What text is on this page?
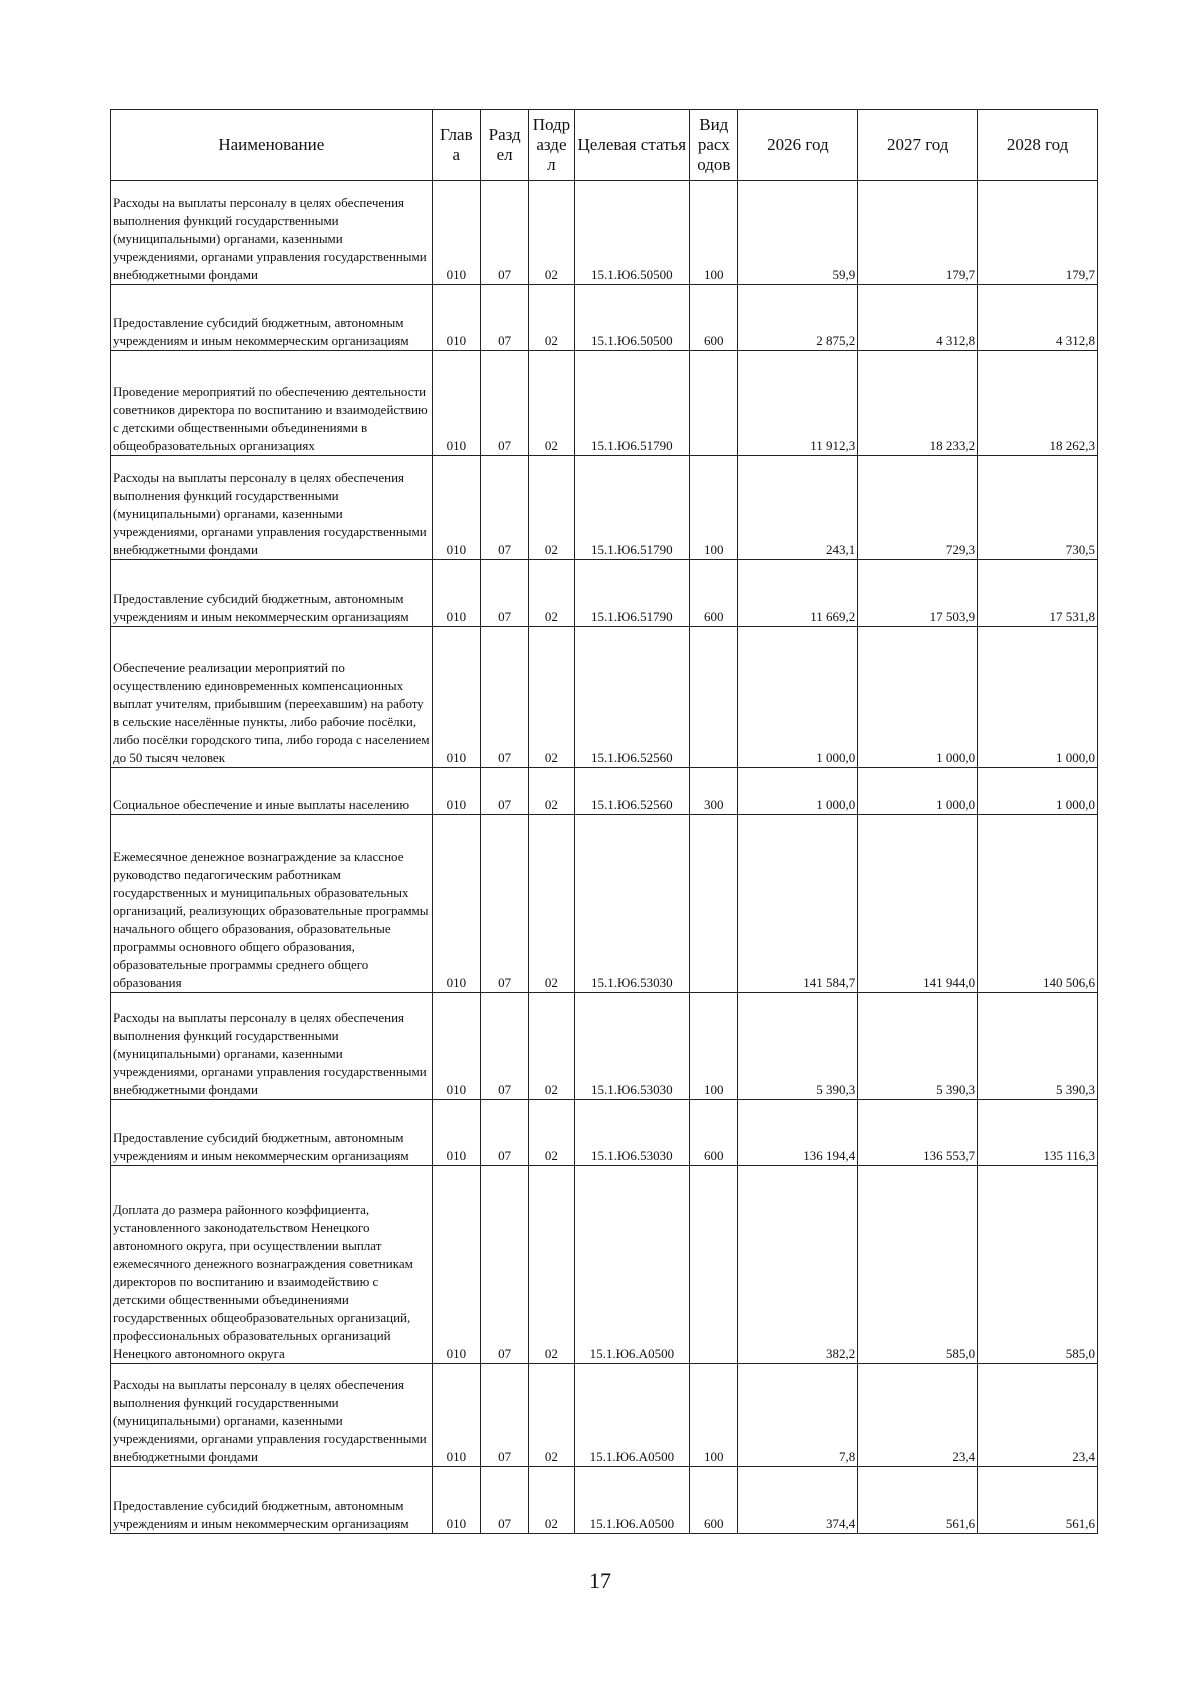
Наименование	Глав а	Разд ел	Подр азде л	Целевая статья	Вид расх одов	2026 год	2027 год	2028 год
Расходы на выплаты персоналу в целях обеспечения выполнения функций государственными (муниципальными) органами, казенными учреждениями, органами управления государственными внебюджетными фондами	010	07	02	15.1.Ю6.50500	100	59,9	179,7	179,7
Предоставление субсидий бюджетным, автономным учреждениям и иным некоммерческим организациям	010	07	02	15.1.Ю6.50500	600	2 875,2	4 312,8	4 312,8
Проведение мероприятий по обеспечению деятельности советников директора по воспитанию и взаимодействию с детскими общественными объединениями в общеобразовательных организациях	010	07	02	15.1.Ю6.51790		11 912,3	18 233,2	18 262,3
Расходы на выплаты персоналу в целях обеспечения выполнения функций государственными (муниципальными) органами, казенными учреждениями, органами управления государственными внебюджетными фондами	010	07	02	15.1.Ю6.51790	100	243,1	729,3	730,5
Предоставление субсидий бюджетным, автономным учреждениям и иным некоммерческим организациям	010	07	02	15.1.Ю6.51790	600	11 669,2	17 503,9	17 531,8
Обеспечение реализации мероприятий по осуществлению единовременных компенсационных выплат учителям, прибывшим (переехавшим) на работу в сельские населённые пункты, либо рабочие посёлки, либо посёлки городского типа, либо города с населением до 50 тысяч человек	010	07	02	15.1.Ю6.52560		1 000,0	1 000,0	1 000,0
Социальное обеспечение и иные выплаты населению	010	07	02	15.1.Ю6.52560	300	1 000,0	1 000,0	1 000,0
Ежемесячное денежное вознаграждение за классное руководство педагогическим работникам государственных и муниципальных образовательных организаций, реализующих образовательные программы начального общего образования, образовательные программы основного общего образования, образовательные программы среднего общего образования	010	07	02	15.1.Ю6.53030		141 584,7	141 944,0	140 506,6
Расходы на выплаты персоналу в целях обеспечения выполнения функций государственными (муниципальными) органами, казенными учреждениями, органами управления государственными внебюджетными фондами	010	07	02	15.1.Ю6.53030	100	5 390,3	5 390,3	5 390,3
Предоставление субсидий бюджетным, автономным учреждениям и иным некоммерческим организациям	010	07	02	15.1.Ю6.53030	600	136 194,4	136 553,7	135 116,3
Доплата до размера районного коэффициента, установленного законодательством Ненецкого автономного округа, при осуществлении выплат ежемесячного денежного вознаграждения советникам директоров по воспитанию и взаимодействию с детскими общественными объединениями государственных общеобразовательных организаций, профессиональных образовательных организаций Ненецкого автономного округа	010	07	02	15.1.Ю6.А0500		382,2	585,0	585,0
Расходы на выплаты персоналу в целях обеспечения выполнения функций государственными (муниципальными) органами, казенными учреждениями, органами управления государственными внебюджетными фондами	010	07	02	15.1.Ю6.А0500	100	7,8	23,4	23,4
Предоставление субсидий бюджетным, автономным учреждениям и иным некоммерческим организациям	010	07	02	15.1.Ю6.А0500	600	374,4	561,6	561,6
17
